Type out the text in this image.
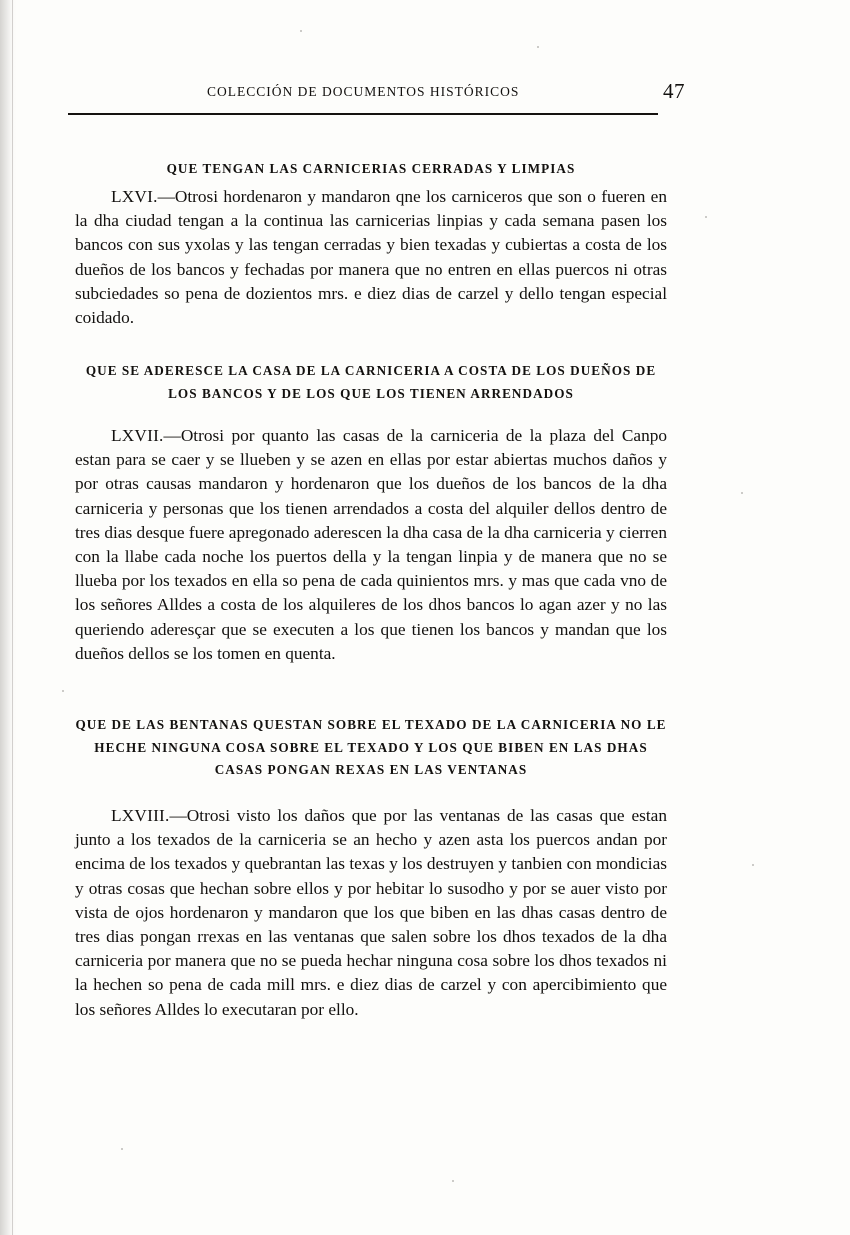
COLECCIÓN DE DOCUMENTOS HISTÓRICOS	47
QUE TENGAN LAS CARNICERIAS CERRADAS Y LIMPIAS

LXVI.—Otrosi hordenaron y mandaron qne los carniceros que son o fueren en la dha ciudad tengan a la continua las carnicerias linpias y cada semana pasen los bancos con sus yxolas y las tengan cerradas y bien texadas y cubiertas a costa de los dueños de los bancos y fechadas por manera que no entren en ellas puercos ni otras subciedades so pena de dozientos mrs. e diez dias de carzel y dello tengan especial coidado.

QUE SE ADERESCE LA CASA DE LA CARNICERIA A COSTA DE LOS DUEÑOS DE LOS BANCOS Y DE LOS QUE LOS TIENEN ARRENDADOS

LXVII.—Otrosi por quanto las casas de la carniceria de la plaza del Canpo estan para se caer y se llueben y se azen en ellas por estar abiertas muchos daños y por otras causas mandaron y hordenaron que los dueños de los bancos de la dha carniceria y personas que los tienen arrendados a costa del alquiler dellos dentro de tres dias desque fuere apregonado aderescen la dha casa de la dha carniceria y cierren con la llabe cada noche los puertos della y la tengan linpia y de manera que no se llueba por los texados en ella so pena de cada quinientos mrs. y mas que cada vno de los señores Alldes a costa de los alquileres de los dhos bancos lo agan azer y no las queriendo aderesçar que se executen a los que tienen los bancos y mandan que los dueños dellos se los tomen en quenta.

QUE DE LAS BENTANAS QUESTAN SOBRE EL TEXADO DE LA CARNICERIA NO LE HECHE NINGUNA COSA SOBRE EL TEXADO Y LOS QUE BIBEN EN LAS DHAS CASAS PONGAN REXAS EN LAS VENTANAS

LXVIII.—Otrosi visto los daños que por las ventanas de las casas que estan junto a los texados de la carniceria se an hecho y azen asta los puercos andan por encima de los texados y quebrantan las texas y los destruyen y tanbien con mondicias y otras cosas que hechan sobre ellos y por hebitar lo susodho y por se auer visto por vista de ojos hordenaron y mandaron que los que biben en las dhas casas dentro de tres dias pongan rrexas en las ventanas que salen sobre los dhos texados de la dha carniceria por manera que no se pueda hechar ninguna cosa sobre los dhos texados ni la hechen so pena de cada mill mrs. e diez dias de carzel y con apercibimiento que los señores Alldes lo executaran por ello.
